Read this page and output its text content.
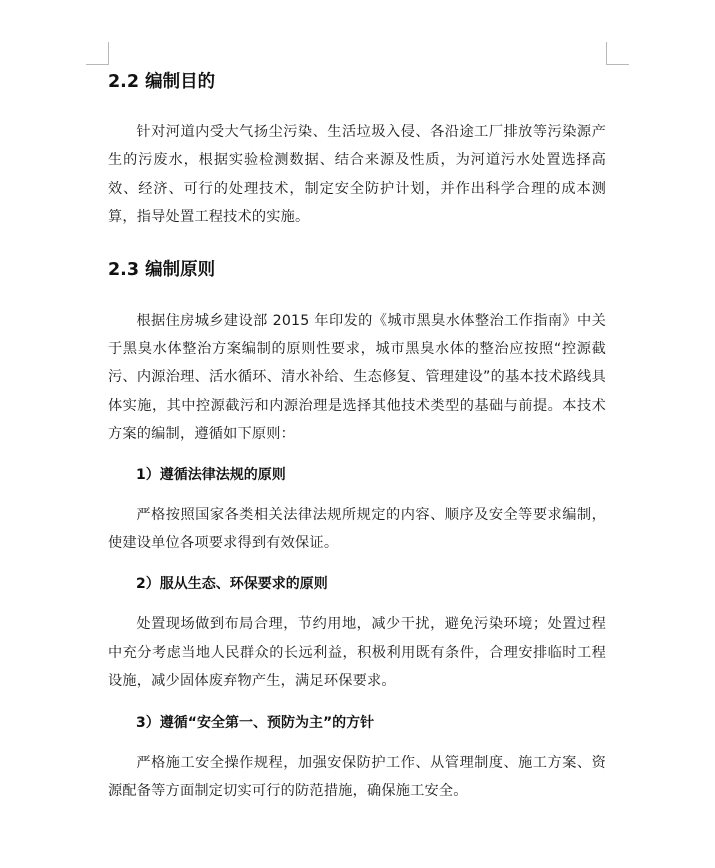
2.2 编制目的

针对河道内受大气扬尘污染、生活垃圾入侵、各沿途工厂排放等污染源产生的污废水，根据实验检测数据、结合来源及性质，为河道污水处置选择高效、经济、可行的处理技术，制定安全防护计划，并作出科学合理的成本测算，指导处置工程技术的实施。

2.3 编制原则

根据住房城乡建设部 2015 年印发的《城市黑臭水体整治工作指南》中关于黑臭水体整治方案编制的原则性要求，城市黑臭水体的整治应按照“控源截污、内源治理、活水循环、清水补给、生态修复、管理建设”的基本技术路线具体实施，其中控源截污和内源治理是选择其他技术类型的基础与前提。本技术方案的编制，遵循如下原则：

1）遵循法律法规的原则

严格按照国家各类相关法律法规所规定的内容、顺序及安全等要求编制，使建设单位各项要求得到有效保证。

2）服从生态、环保要求的原则

处置现场做到布局合理，节约用地，减少干扰，避免污染环境；处置过程中充分考虑当地人民群众的长远利益，积极利用既有条件，合理安排临时工程设施，减少固体废弃物产生，满足环保要求。

3）遵循“安全第一、预防为主”的方针

严格施工安全操作规程，加强安保防护工作、从管理制度、施工方案、资源配备等方面制定切实可行的防范措施，确保施工安全。
